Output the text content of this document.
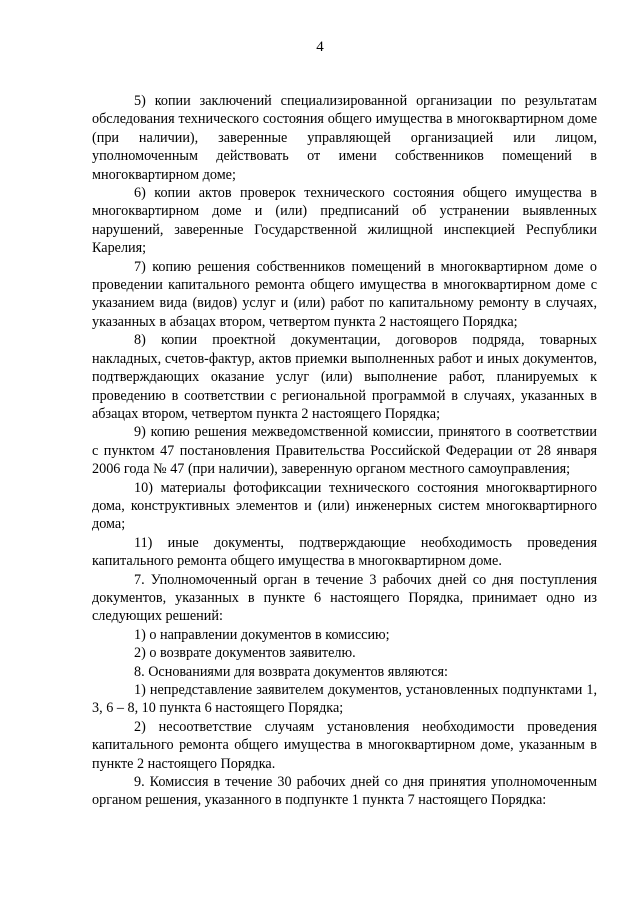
4

5) копии заключений специализированной организации по результатам обследования технического состояния общего имущества в многоквартирном доме (при наличии), заверенные управляющей организацией или лицом, уполномоченным действовать от имени собственников помещений в многоквартирном доме;

6) копии актов проверок технического состояния общего имущества в многоквартирном доме и (или) предписаний об устранении выявленных нарушений, заверенные Государственной жилищной инспекцией Республики Карелия;

7) копию решения собственников помещений в многоквартирном доме о проведении капитального ремонта общего имущества в многоквартирном доме с указанием вида (видов) услуг и (или) работ по капитальному ремонту в случаях, указанных в абзацах втором, четвертом пункта 2 настоящего Порядка;

8) копии проектной документации, договоров подряда, товарных накладных, счетов-фактур, актов приемки выполненных работ и иных документов, подтверждающих оказание услуг (или) выполнение работ, планируемых к проведению в соответствии с региональной программой в случаях, указанных в абзацах втором, четвертом пункта 2 настоящего Порядка;

9) копию решения межведомственной комиссии, принятого в соответствии с пунктом 47 постановления Правительства Российской Федерации от 28 января 2006 года № 47 (при наличии), заверенную органом местного самоуправления;

10) материалы фотофиксации технического состояния многоквартирного дома, конструктивных элементов и (или) инженерных систем многоквартирного дома;

11) иные документы, подтверждающие необходимость проведения капитального ремонта общего имущества в многоквартирном доме.

7. Уполномоченный орган в течение 3 рабочих дней со дня поступления документов, указанных в пункте 6 настоящего Порядка, принимает одно из следующих решений:

1) о направлении документов в комиссию;

2) о возврате документов заявителю.

8. Основаниями для возврата документов являются:

1) непредставление заявителем документов, установленных подпунктами 1, 3, 6 – 8, 10 пункта 6 настоящего Порядка;

2) несоответствие случаям установления необходимости проведения капитального ремонта общего имущества в многоквартирном доме, указанным в пункте 2 настоящего Порядка.

9. Комиссия в течение 30 рабочих дней со дня принятия уполномоченным органом решения, указанного в подпункте 1 пункта 7 настоящего Порядка:
